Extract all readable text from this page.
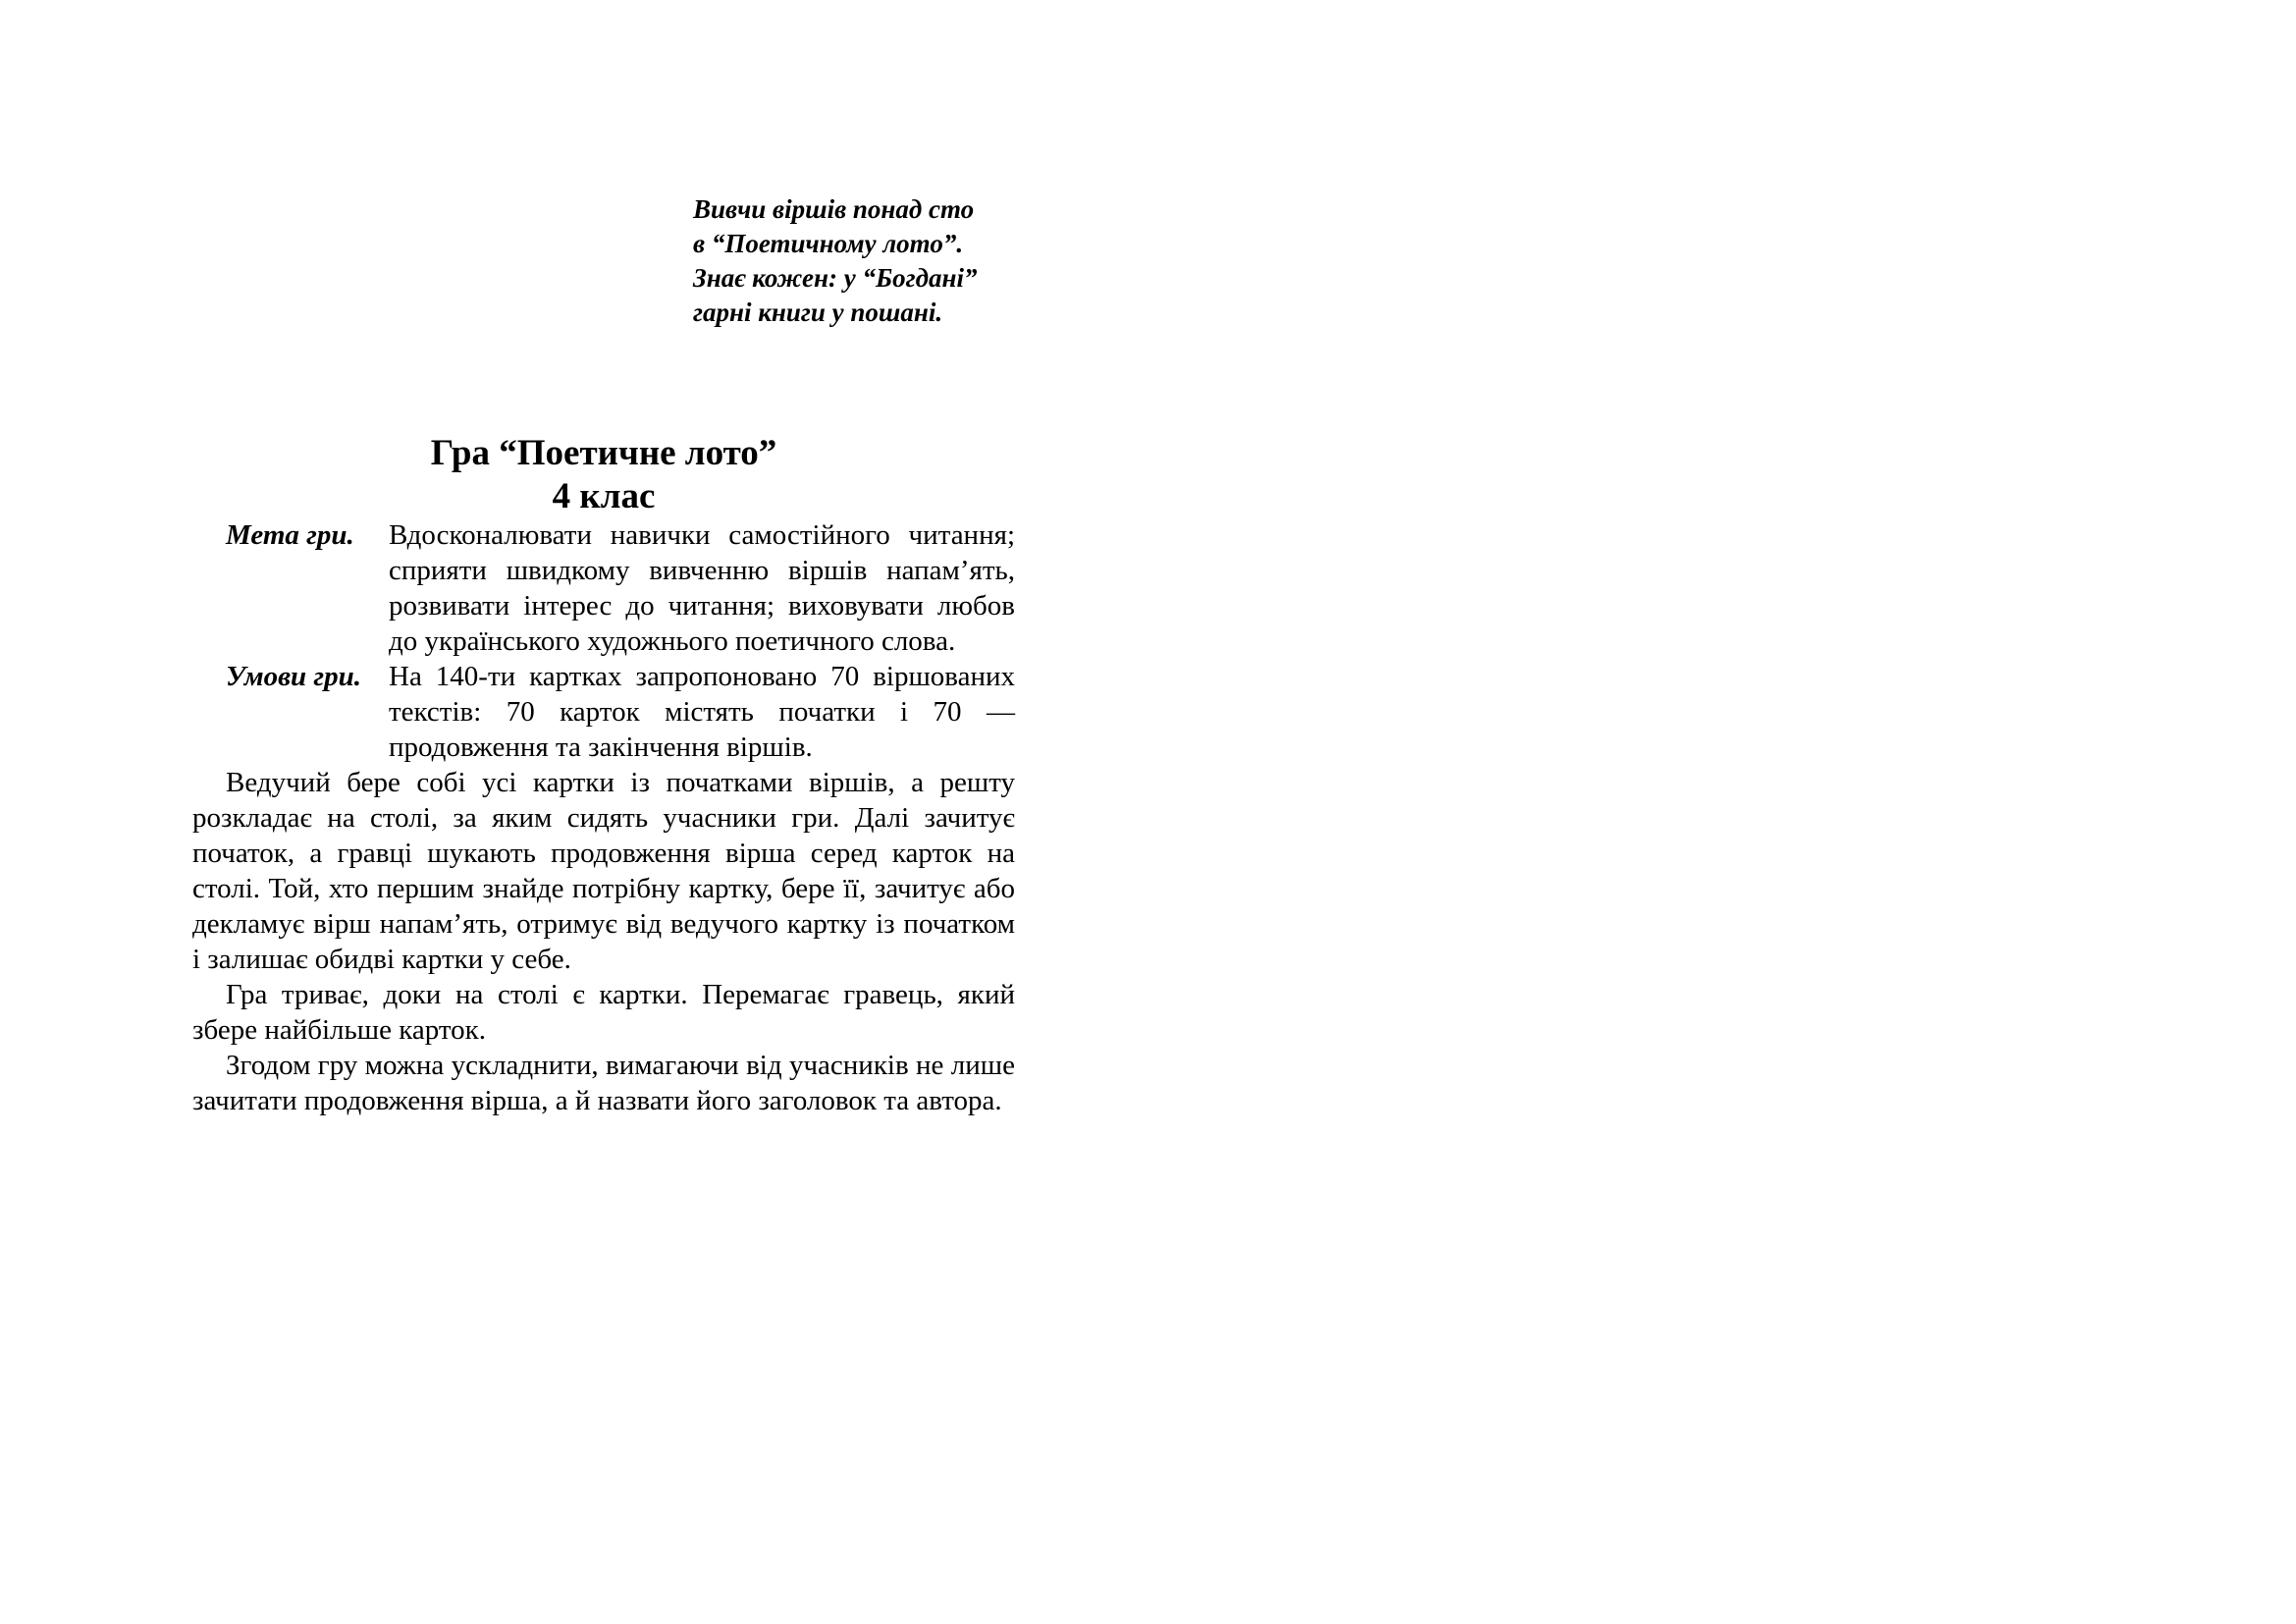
Вивчи віршів понад сто
в “Поетичному лото”.
Знає кожен: у “Богдані”
гарні книги у пошані.
Гра “Поетичне лото”
4 клас
Мета гри.	Вдосконалювати навички самостійного читання; сприяти швидкому вивченню віршів напам’ять, розвивати інтерес до читання; виховувати любов до українського художнього поетичного слова.
Умови гри. На 140-ти картках запропоновано 70 віршованих текстів: 70 карток містять початки і 70 — продовження та закінчення віршів.

Ведучий бере собі усі картки із початками віршів, а решту розкладає на столі, за яким сидять учасники гри. Далі зачитує початок, а гравці шукають продовження вірша серед карток на столі. Той, хто першим знайде потрібну картку, бере її, зачитує або декламує вірш напам’ять, отримує від ведучого картку із початком і залишає обидві картки у себе.

Гра триває, доки на столі є картки. Перемагає гравець, який збере найбільше карток.

Згодом гру можна ускладнити, вимагаючи від учасників не лише зачитати продовження вірша, а й назвати його заголовок та автора.
